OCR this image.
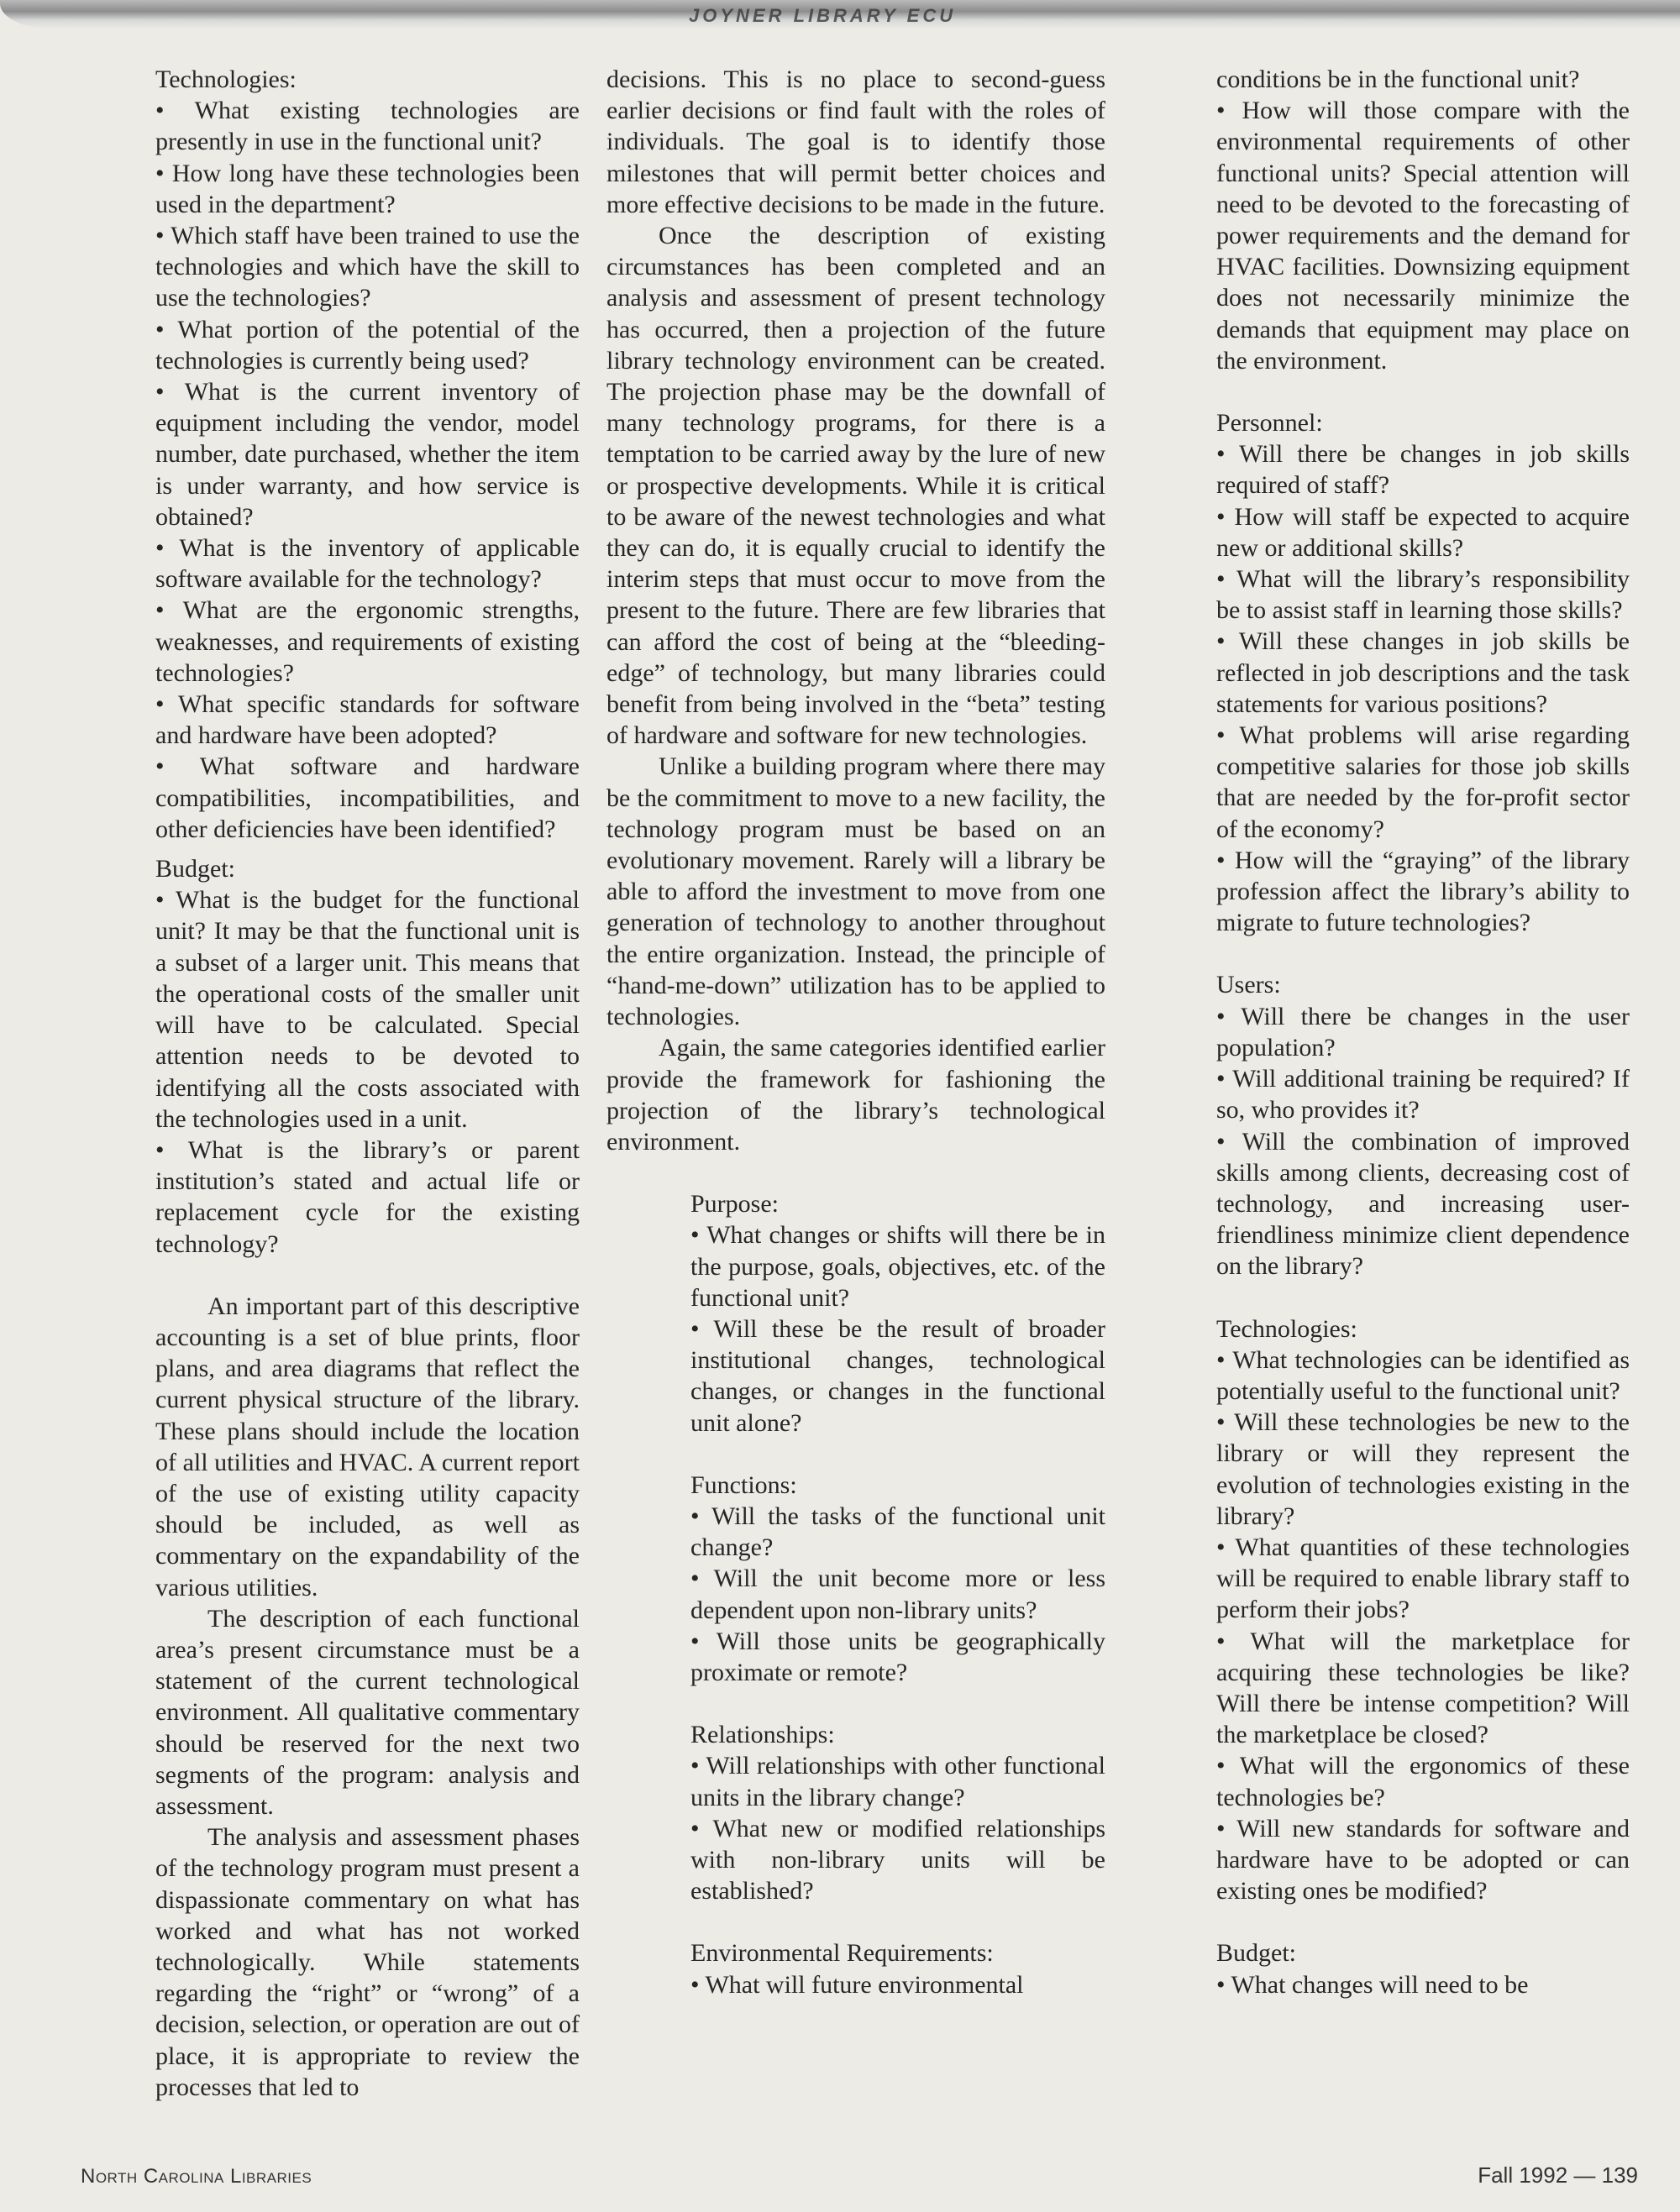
JOYNER LIBRARY ECU

Technologies:

• What existing technologies are presently in use in the functional unit?

• How long have these technologies been used in the department?

• Which staff have been trained to use the technologies and which have the skill to use the technologies?

• What portion of the potential of the technologies is currently being used?

• What is the current inventory of equipment including the vendor, model number, date purchased, whether the item is under warranty, and how service is obtained?

• What is the inventory of applicable software available for the technology?

• What are the ergonomic strengths, weaknesses, and requirements of existing technologies?

• What specific standards for software and hardware have been adopted?

• What software and hardware compatibilities, incompatibilities, and other deficiencies have been identified?

Budget:

• What is the budget for the functional unit? It may be that the functional unit is a subset of a larger unit. This means that the operational costs of the smaller unit will have to be calculated. Special attention needs to be devoted to identifying all the costs associated with the technologies used in a unit.

• What is the library’s or parent institution’s stated and actual life or replacement cycle for the existing technology?

An important part of this descriptive accounting is a set of blue prints, floor plans, and area diagrams that reflect the current physical structure of the library. These plans should include the location of all utilities and HVAC. A current report of the use of existing utility capacity should be included, as well as commentary on the expandability of the various utilities.

The description of each functional area’s present circumstance must be a statement of the current technological environment. All qualitative commentary should be reserved for the next two segments of the program: analysis and assessment.

The analysis and assessment phases of the technology program must present a dispassionate commentary on what has worked and what has not worked technologically. While statements regarding the “right” or “wrong” of a decision, selection, or operation are out of place, it is appropriate to review the processes that led to

decisions. This is no place to second-guess earlier decisions or find fault with the roles of individuals. The goal is to identify those milestones that will permit better choices and more effective decisions to be made in the future.

Once the description of existing circumstances has been completed and an analysis and assessment of present technology has occurred, then a projection of the future library technology environment can be created. The projection phase may be the downfall of many technology programs, for there is a temptation to be carried away by the lure of new or prospective developments. While it is critical to be aware of the newest technologies and what they can do, it is equally crucial to identify the interim steps that must occur to move from the present to the future. There are few libraries that can afford the cost of being at the “bleeding-edge” of technology, but many libraries could benefit from being involved in the “beta” testing of hardware and software for new technologies.

Unlike a building program where there may be the commitment to move to a new facility, the technology program must be based on an evolutionary movement. Rarely will a library be able to afford the investment to move from one generation of technology to another throughout the entire organization. Instead, the principle of “hand-me-down” utilization has to be applied to technologies.

Again, the same categories identified earlier provide the framework for fashioning the projection of the library’s technological environment.

Purpose:

• What changes or shifts will there be in the purpose, goals, objectives, etc. of the functional unit?

• Will these be the result of broader institutional changes, technological changes, or changes in the functional unit alone?

Functions:

• Will the tasks of the functional unit change?

• Will the unit become more or less dependent upon non-library units?

• Will those units be geographically proximate or remote?

Relationships:

• Will relationships with other functional units in the library change?

• What new or modified relationships with non-library units will be established?

Environmental Requirements:

• What will future environmental

conditions be in the functional unit?

• How will those compare with the environmental requirements of other functional units? Special attention will need to be devoted to the forecasting of power requirements and the demand for HVAC facilities. Downsizing equipment does not necessarily minimize the demands that equipment may place on the environment.

Personnel:

• Will there be changes in job skills required of staff?

• How will staff be expected to acquire new or additional skills?

• What will the library’s responsibility be to assist staff in learning those skills?

• Will these changes in job skills be reflected in job descriptions and the task statements for various positions?

• What problems will arise regarding competitive salaries for those job skills that are needed by the for-profit sector of the economy?

• How will the “graying” of the library profession affect the library’s ability to migrate to future technologies?

Users:

• Will there be changes in the user population?

• Will additional training be required? If so, who provides it?

• Will the combination of improved skills among clients, decreasing cost of technology, and increasing user-friendliness minimize client dependence on the library?

Technologies:

• What technologies can be identified as potentially useful to the functional unit?

• Will these technologies be new to the library or will they represent the evolution of technologies existing in the library?

• What quantities of these technologies will be required to enable library staff to perform their jobs?

• What will the marketplace for acquiring these technologies be like? Will there be intense competition? Will the marketplace be closed?

• What will the ergonomics of these technologies be?

• Will new standards for software and hardware have to be adopted or can existing ones be modified?

Budget:

• What changes will need to be

North Carolina Libraries	Fall 1992 — 139
